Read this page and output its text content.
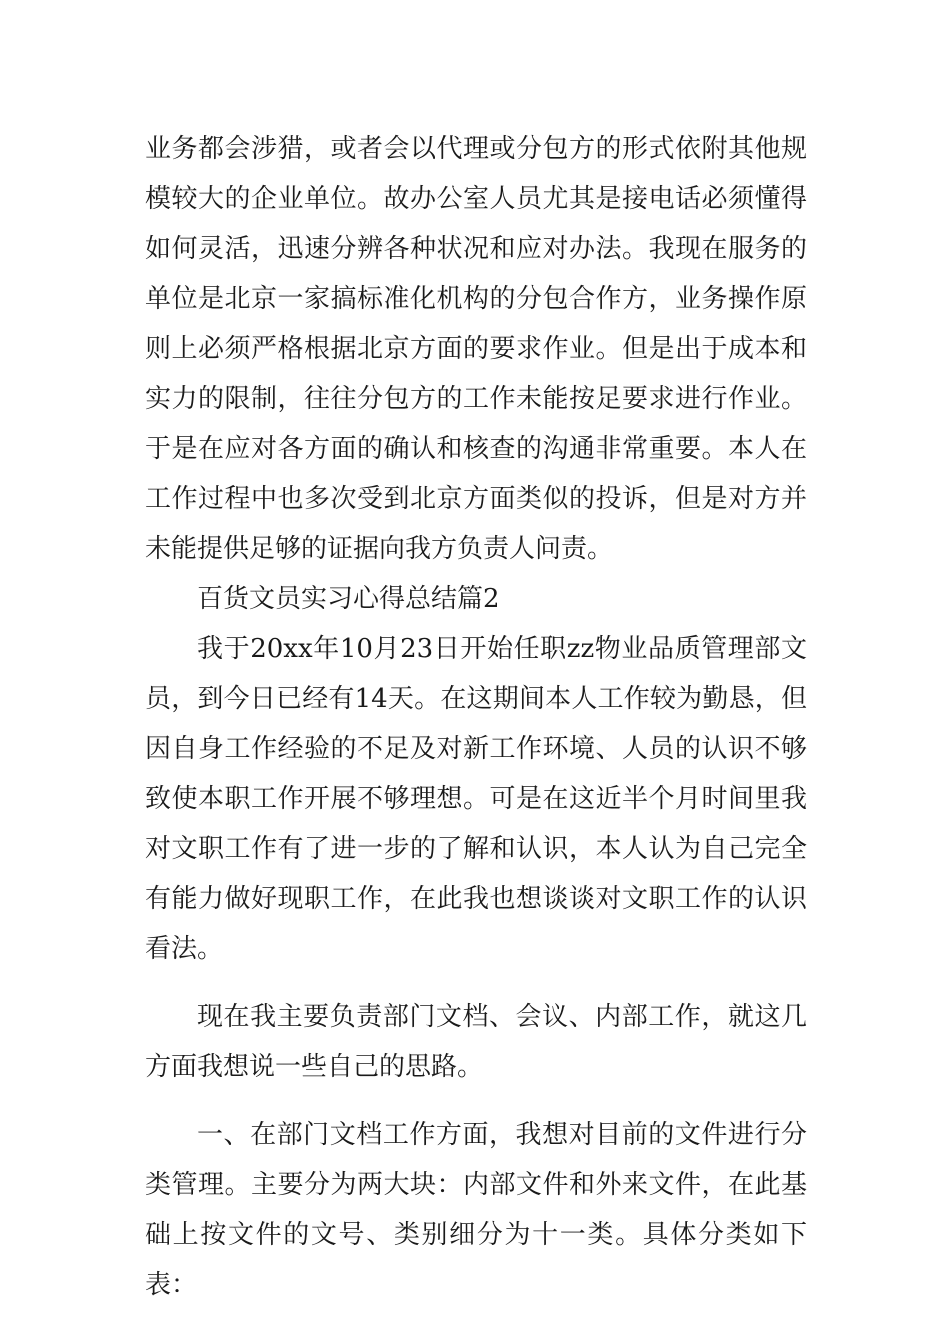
业务都会涉猎，或者会以代理或分包方的形式依附其他规模较大的企业单位。故办公室人员尤其是接电话必须懂得如何灵活，迅速分辨各种状况和应对办法。我现在服务的单位是北京一家搞标准化机构的分包合作方，业务操作原则上必须严格根据北京方面的要求作业。但是出于成本和实力的限制，往往分包方的工作未能按足要求进行作业。于是在应对各方面的确认和核查的沟通非常重要。本人在工作过程中也多次受到北京方面类似的投诉，但是对方并未能提供足够的证据向我方负责人问责。

百货文员实习心得总结篇2

我于20xx年10月23日开始任职zz物业品质管理部文员，到今日已经有14天。在这期间本人工作较为勤恳，但因自身工作经验的不足及对新工作环境、人员的认识不够致使本职工作开展不够理想。可是在这近半个月时间里我对文职工作有了进一步的了解和认识，本人认为自己完全有能力做好现职工作，在此我也想谈谈对文职工作的认识看法。

现在我主要负责部门文档、会议、内部工作，就这几方面我想说一些自己的思路。

一、在部门文档工作方面，我想对目前的文件进行分类管理。主要分为两大块：内部文件和外来文件，在此基础上按文件的文号、类别细分为十一类。具体分类如下表：
